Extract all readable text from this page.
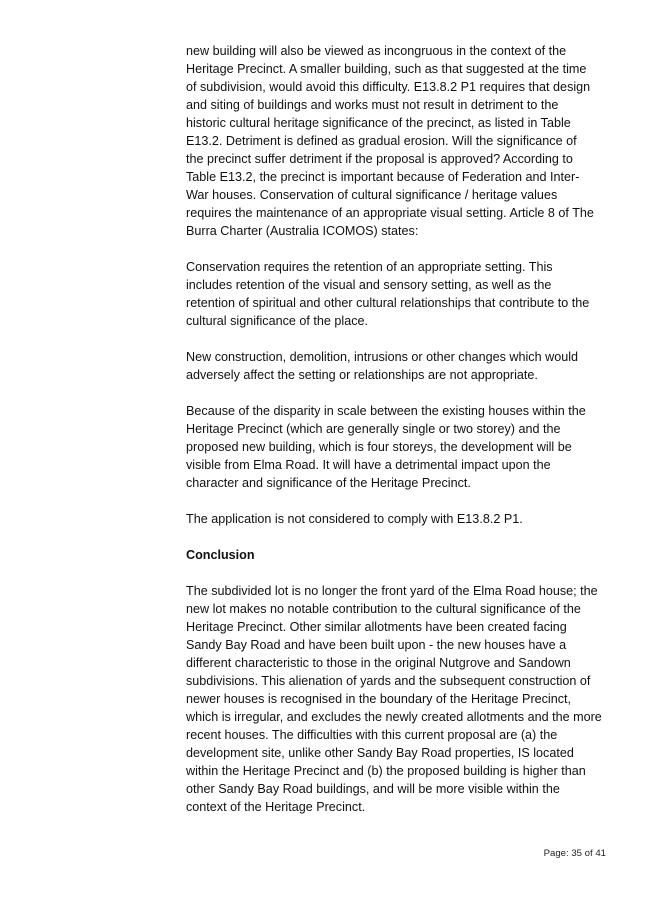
new building will also be viewed as incongruous in the context of the
Heritage Precinct. A smaller building, such as that suggested at the time
of subdivision, would avoid this difficulty. E13.8.2 P1 requires that design
and siting of buildings and works must not result in detriment to the
historic cultural heritage significance of the precinct, as listed in Table
E13.2. Detriment is defined as gradual erosion. Will the significance of
the precinct suffer detriment if the proposal is approved? According to
Table E13.2, the precinct is important because of Federation and Inter-
War houses. Conservation of cultural significance / heritage values
requires the maintenance of an appropriate visual setting. Article 8 of The
Burra Charter (Australia ICOMOS) states:

Conservation requires the retention of an appropriate setting. This
includes retention of the visual and sensory setting, as well as the
retention of spiritual and other cultural relationships that contribute to the
cultural significance of the place.

New construction, demolition, intrusions or other changes which would
adversely affect the setting or relationships are not appropriate.

Because of the disparity in scale between the existing houses within the
Heritage Precinct (which are generally single or two storey) and the
proposed new building, which is four storeys, the development will be
visible from Elma Road. It will have a detrimental impact upon the
character and significance of the Heritage Precinct.

The application is not considered to comply with E13.8.2 P1.

Conclusion

The subdivided lot is no longer the front yard of the Elma Road house; the
new lot makes no notable contribution to the cultural significance of the
Heritage Precinct. Other similar allotments have been created facing
Sandy Bay Road and have been built upon - the new houses have a
different characteristic to those in the original Nutgrove and Sandown
subdivisions. This alienation of yards and the subsequent construction of
newer houses is recognised in the boundary of the Heritage Precinct,
which is irregular, and excludes the newly created allotments and the more
recent houses. The difficulties with this current proposal are (a) the
development site, unlike other Sandy Bay Road properties, IS located
within the Heritage Precinct and (b) the proposed building is higher than
other Sandy Bay Road buildings, and will be more visible within the
context of the Heritage Precinct.

Page: 35 of 41
